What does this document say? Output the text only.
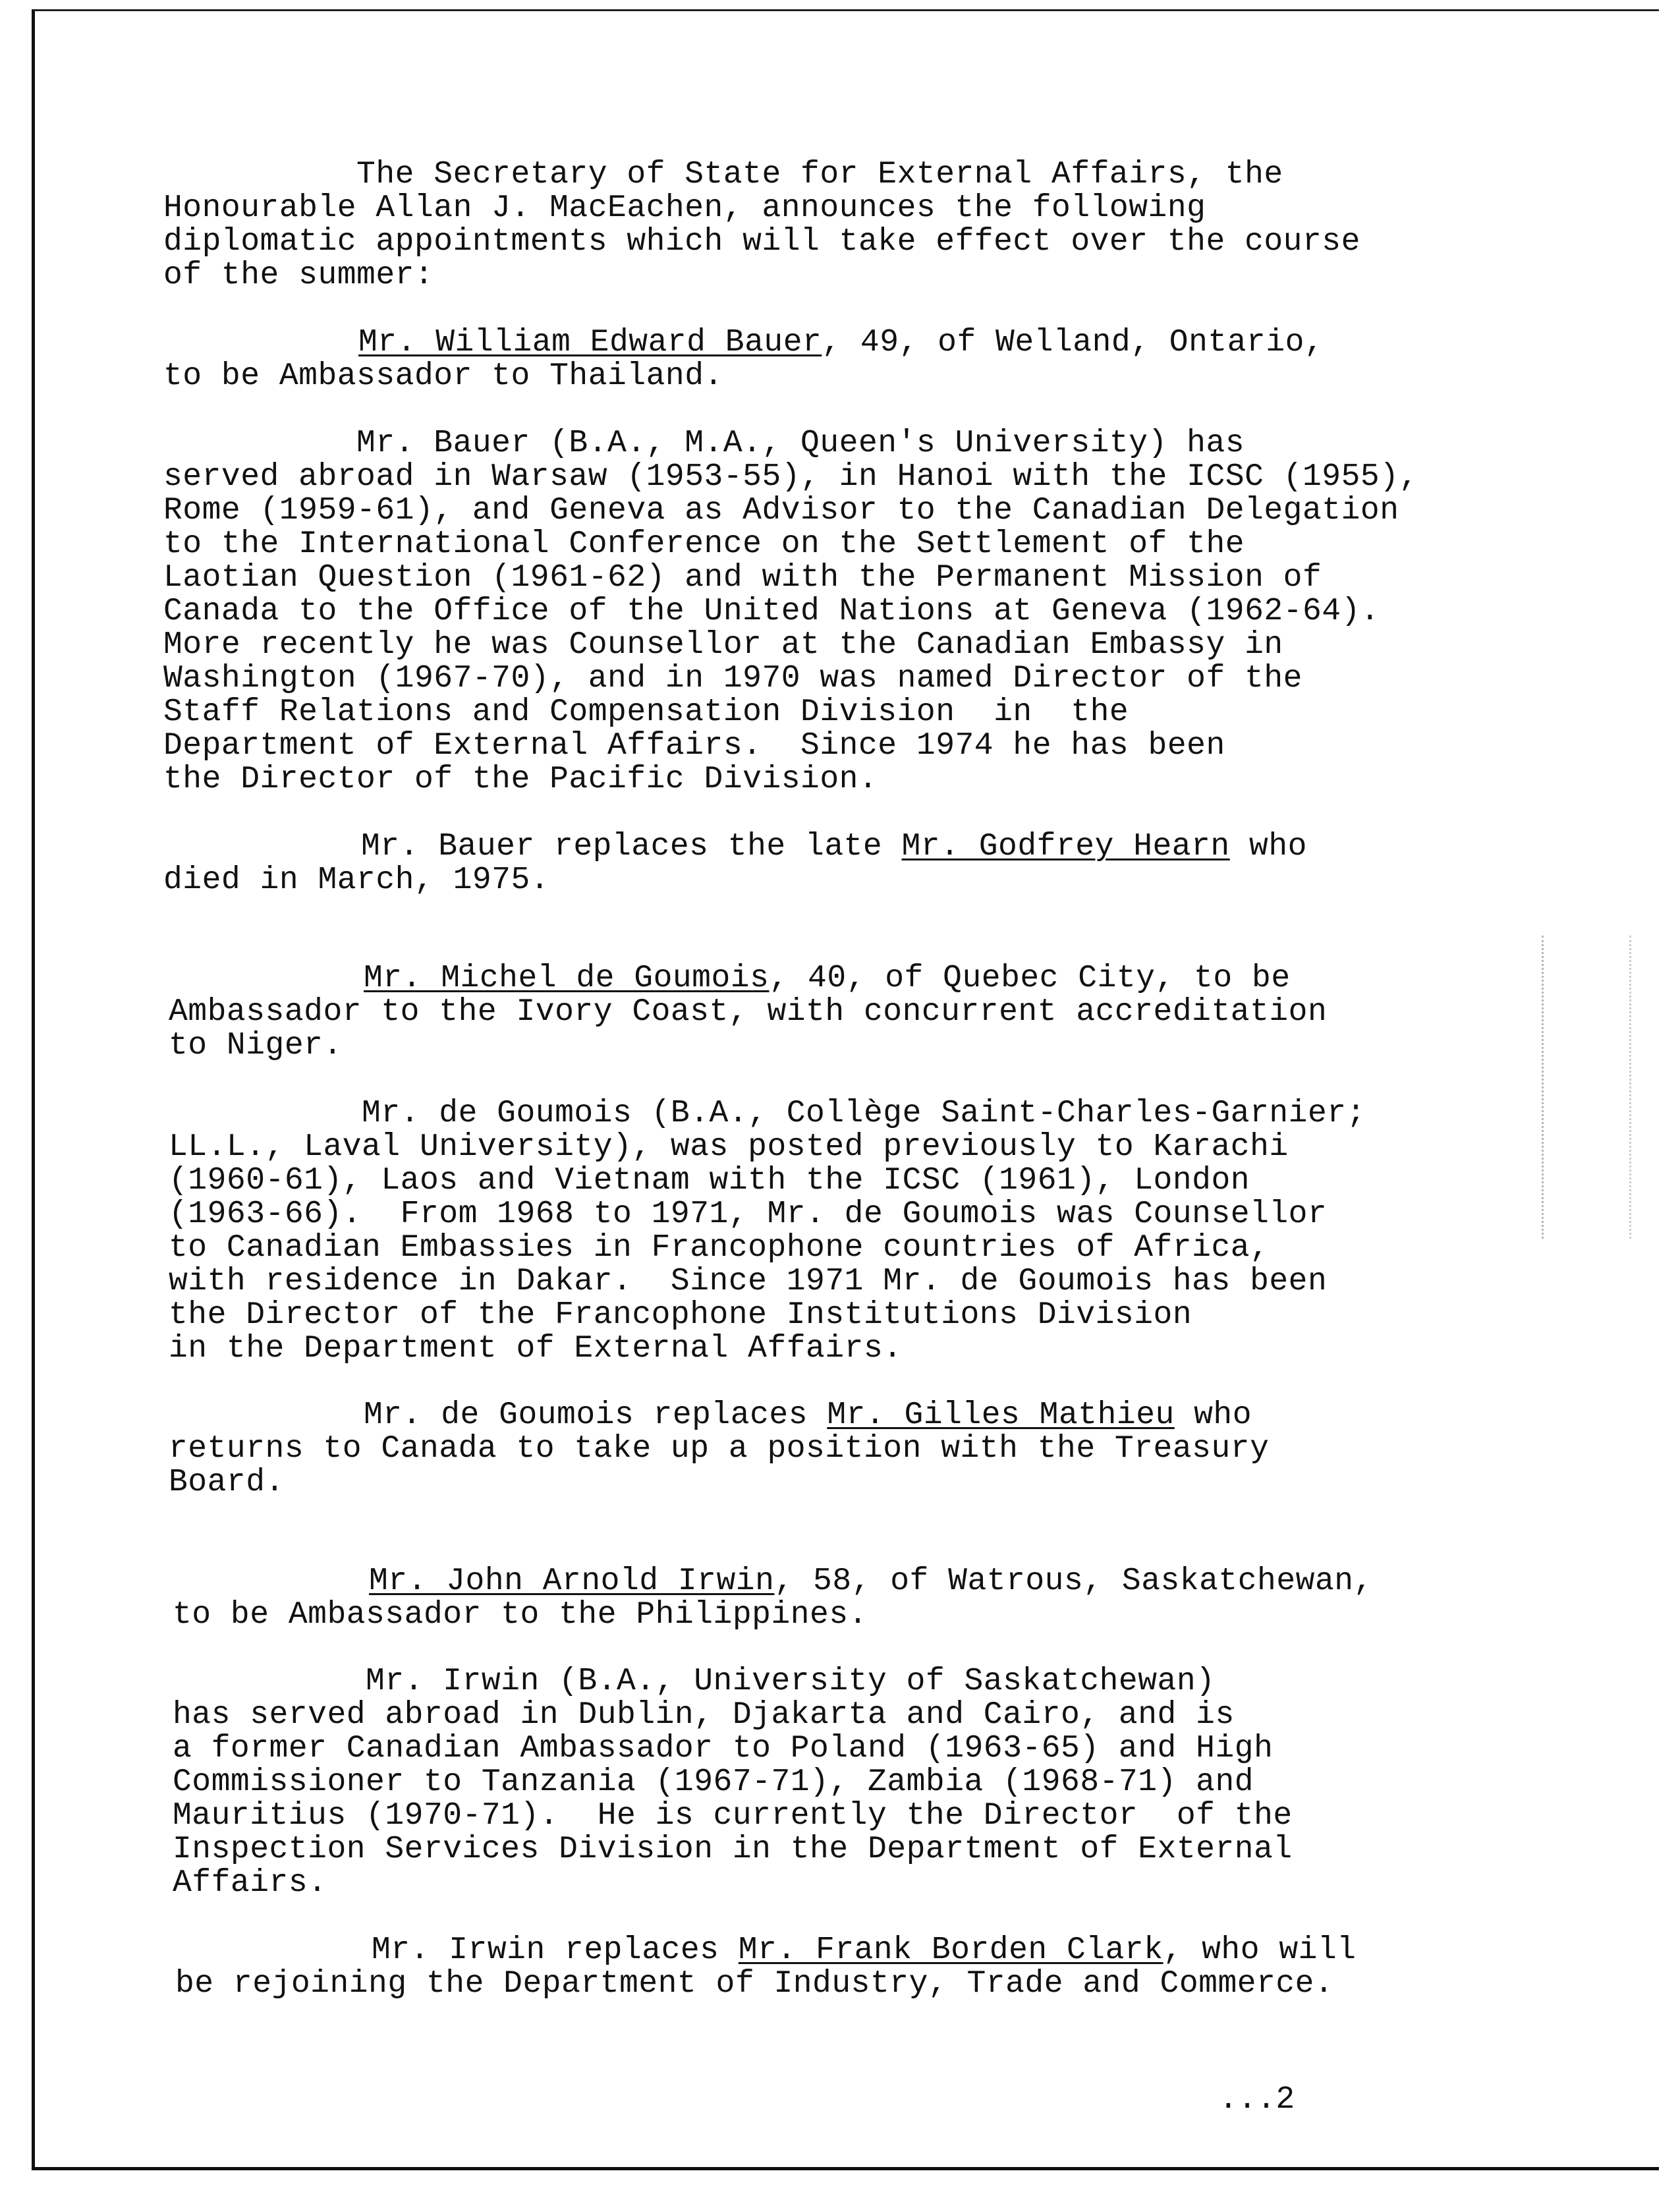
The Secretary of State for External Affairs, the

Honourable Allan J. MacEachen, announces the following

diplomatic appointments which will take effect over the course

of the summer:

Mr. William Edward Bauer, 49, of Welland, Ontario,

to be Ambassador to Thailand.

Mr. Bauer (B.A., M.A., Queen's University) has

served abroad in Warsaw (1953-55), in Hanoi with the ICSC (1955),

Rome (1959-61), and Geneva as Advisor to the Canadian Delegation

to the International Conference on the Settlement of the

Laotian Question (1961-62) and with the Permanent Mission of

Canada to the Office of the United Nations at Geneva (1962-64).

More recently he was Counsellor at the Canadian Embassy in

Washington (1967-70), and in 1970 was named Director of the

Staff Relations and Compensation Division  in  the

Department of External Affairs.  Since 1974 he has been

the Director of the Pacific Division.

Mr. Bauer replaces the late Mr. Godfrey Hearn who

died in March, 1975.

Mr. Michel de Goumois, 40, of Quebec City, to be

Ambassador to the Ivory Coast, with concurrent accreditation

to Niger.

Mr. de Goumois (B.A., Collège Saint-Charles-Garnier;

LL.L., Laval University), was posted previously to Karachi

(1960-61), Laos and Vietnam with the ICSC (1961), London

(1963-66).  From 1968 to 1971, Mr. de Goumois was Counsellor

to Canadian Embassies in Francophone countries of Africa,

with residence in Dakar.  Since 1971 Mr. de Goumois has been

the Director of the Francophone Institutions Division

in the Department of External Affairs.

Mr. de Goumois replaces Mr. Gilles Mathieu who

returns to Canada to take up a position with the Treasury

Board.

Mr. John Arnold Irwin, 58, of Watrous, Saskatchewan,

to be Ambassador to the Philippines.

Mr. Irwin (B.A., University of Saskatchewan)

has served abroad in Dublin, Djakarta and Cairo, and is

a former Canadian Ambassador to Poland (1963-65) and High

Commissioner to Tanzania (1967-71), Zambia (1968-71) and

Mauritius (1970-71).  He is currently the Director  of the

Inspection Services Division in the Department of External

Affairs.

Mr. Irwin replaces Mr. Frank Borden Clark, who will

be rejoining the Department of Industry, Trade and Commerce.

...2
